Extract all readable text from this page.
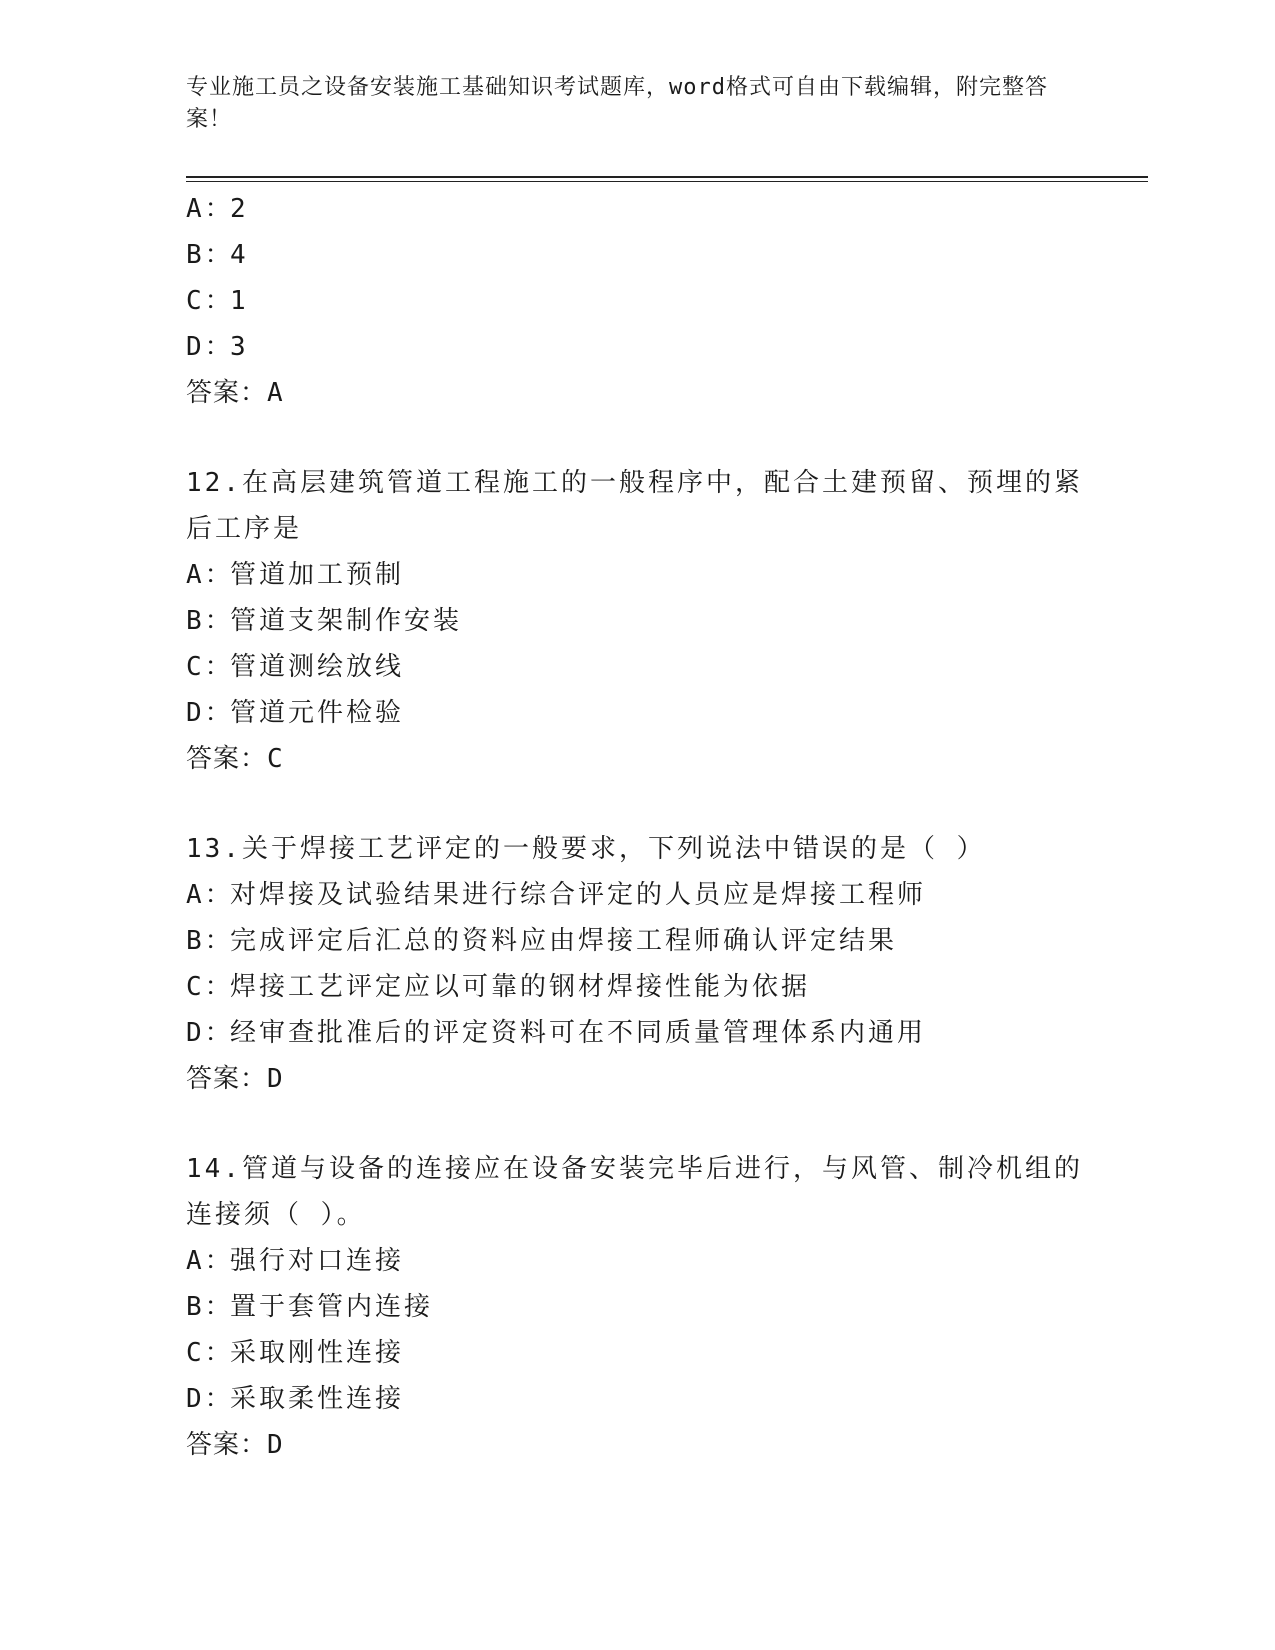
专业施工员之设备安装施工基础知识考试题库，word格式可自由下载编辑，附完整答案！
A：2
B：4
C：1
D：3
答案：A
12.在高层建筑管道工程施工的一般程序中，配合土建预留、预埋的紧
后工序是
A：管道加工预制
B：管道支架制作安装
C：管道测绘放线
D：管道元件检验
答案：C
13.关于焊接工艺评定的一般要求，下列说法中错误的是（ ）
A：对焊接及试验结果进行综合评定的人员应是焊接工程师
B：完成评定后汇总的资料应由焊接工程师确认评定结果
C：焊接工艺评定应以可靠的钢材焊接性能为依据
D：经审查批准后的评定资料可在不同质量管理体系内通用
答案：D
14.管道与设备的连接应在设备安装完毕后进行，与风管、制冷机组的
连接须（ ）。
A：强行对口连接
B：置于套管内连接
C：采取刚性连接
D：采取柔性连接
答案：D
